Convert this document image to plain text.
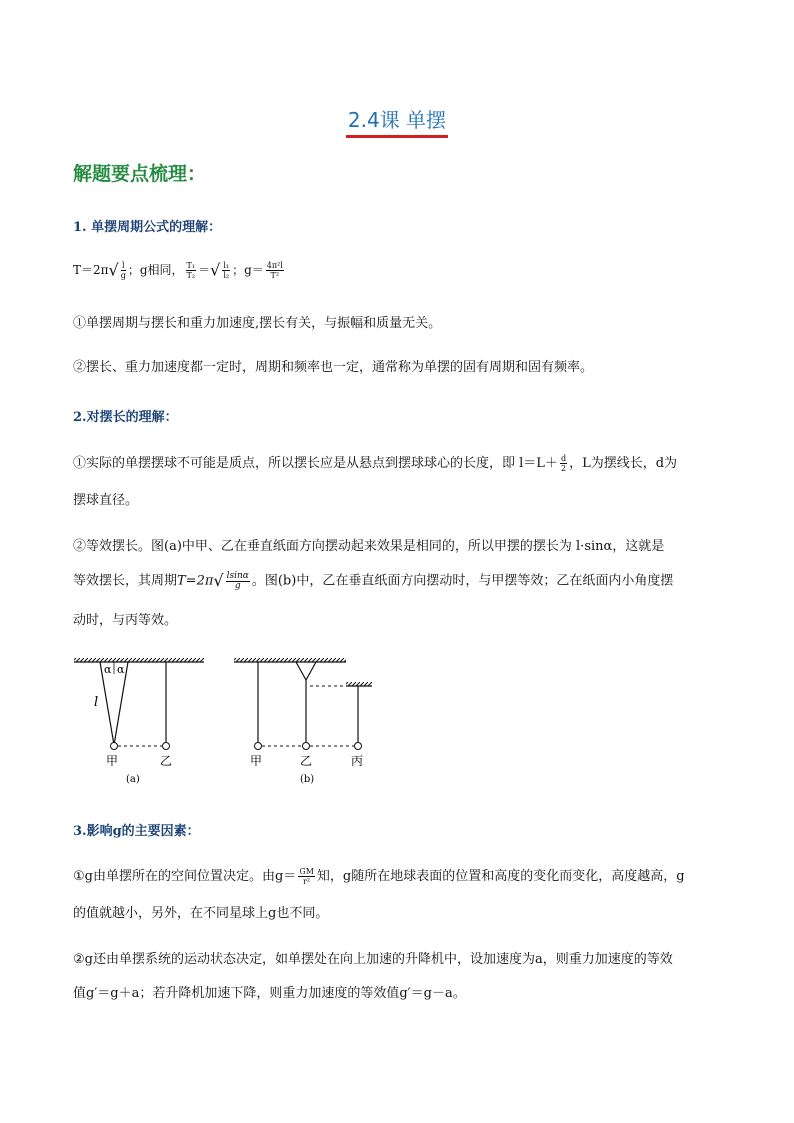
2.4课 单摆
解题要点梳理：
1. 单摆周期公式的理解：
$T=2\pi√ \frac{l}{g}$ ；g相同， $\frac{\text{T₁}}{\text{T₂}}$ ＝√ $\frac{\text{l₁}}{\text{l₂}}$ ；$g= \frac{\text{4π²l}}{\text{T²}}$
①单摆周期与摆长和重力加速度,摆长有关，与振幅和质量无关。
②摆长、重力加速度都一定时，周期和频率也一定，通常称为单摆的固有周期和固有频率。
2.对摆长的理解：
①实际的单摆摆球不可能是质点，所以摆长应是从悬点到摆球球心的长度，即 $l=L+ \frac{d}{2}$ ，L为摆线长，d为
摆球直径。
②等效摆长。图(a)中甲、乙在垂直纸面方向摆动起来效果是相同的，所以甲摆的摆长为 l·sinα，这就是
等效摆长，其周期$T=2\pi√ \frac{lsin\alpha}{g}$ 。图(b)中，乙在垂直纸面方向摆动时，与甲摆等效；乙在纸面内小角度摆
动时，与丙等效。
α α
l
甲	乙
(a)
甲	乙	丙
(b)
3.影响g的主要因素：
①g由单摆所在的空间位置决定。由$g= \frac{GM}{\text{r²}}$ 知，g随所在地球表面的位置和高度的变化而变化，高度越高，g
的值就越小，另外，在不同星球上g也不同。
②g还由单摆系统的运动状态决定，如单摆处在向上加速的升降机中，设加速度为a，则重力加速度的等效
值g′＝g＋a；若升降机加速下降，则重力加速度的等效值g′＝g－a。
